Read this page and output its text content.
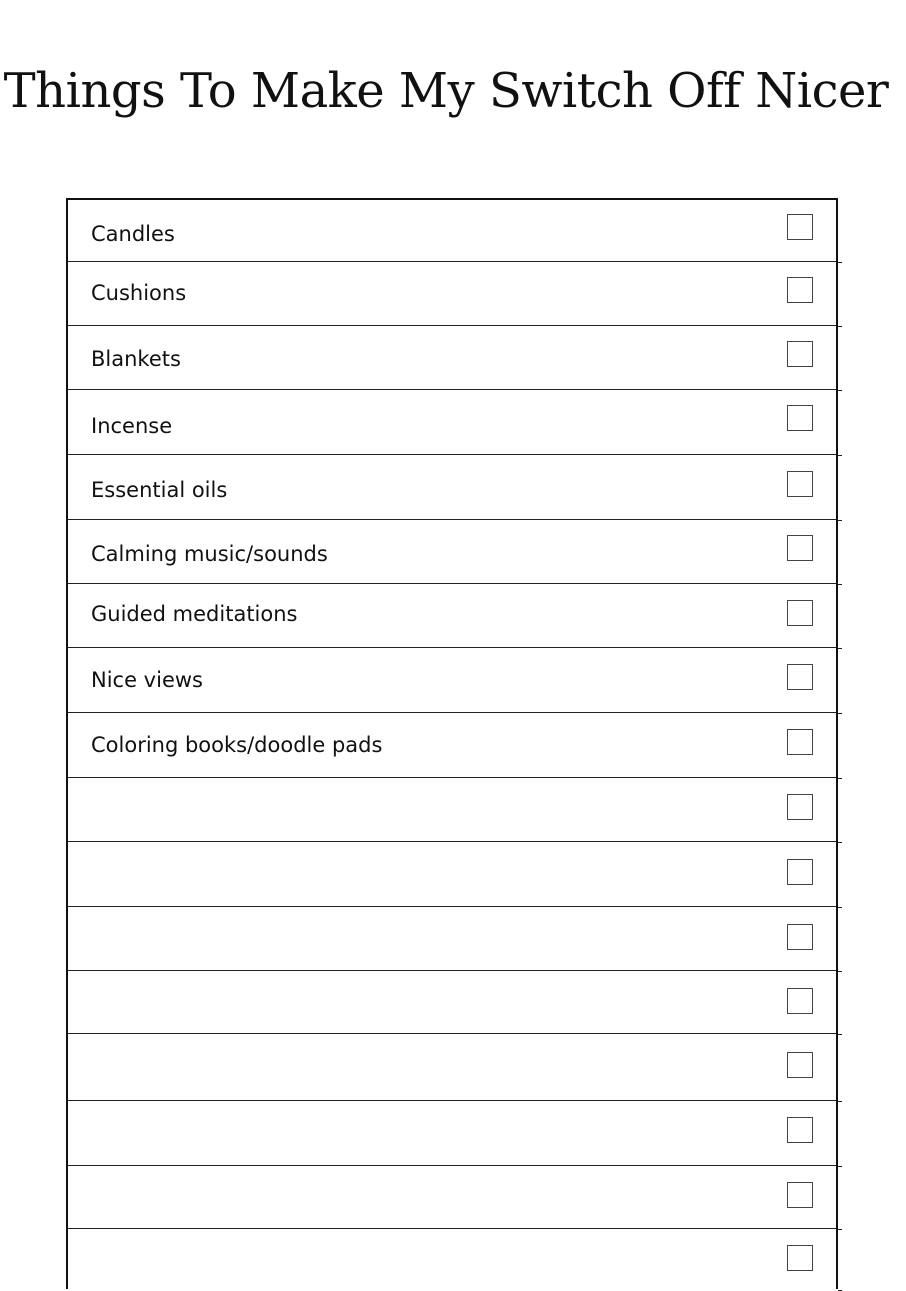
Things To Make My Switch Off Nicer
Candles
Cushions
Blankets
Incense
Essential oils
Calming music/sounds
Guided meditations
Nice views
Coloring books/doodle pads
